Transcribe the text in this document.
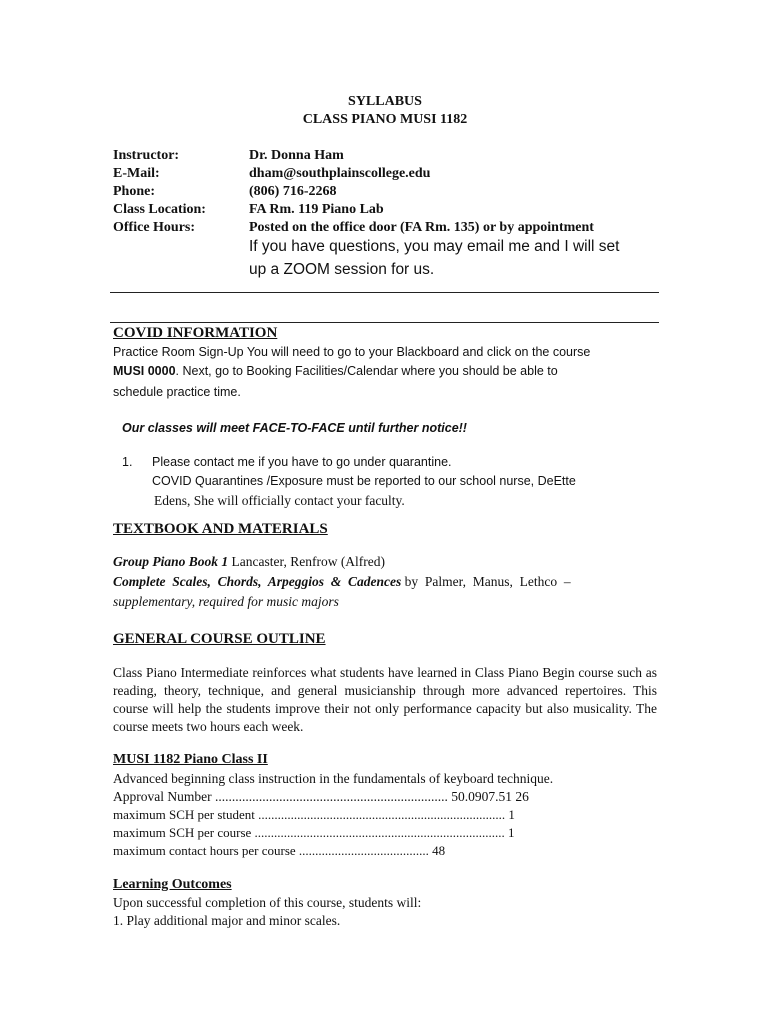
SYLLABUS
CLASS PIANO MUSI 1182
Instructor:	Dr. Donna Ham
E-Mail:	dham@southplainscollege.edu
Phone:	(806) 716-2268
Class Location:	FA Rm. 119 Piano Lab
Office Hours:	Posted on the office door (FA Rm. 135) or by appointment
If you have questions, you may email me and I will set
up a ZOOM session for us.
COVID INFORMATION
Practice Room Sign-Up You will need to go to your Blackboard and click on the course
MUSI 0000. Next, go to Booking Facilities/Calendar where you should be able to
schedule practice time.
Our classes will meet FACE-TO-FACE until further notice!!
1. Please contact me if you have to go under quarantine.
COVID Quarantines /Exposure must be reported to our school nurse, DeEtte
Edens, She will officially contact your faculty.
TEXTBOOK AND MATERIALS
Group Piano Book 1 Lancaster, Renfrow (Alfred)
Complete  Scales,  Chords,  Arpeggios  &  Cadences by  Palmer,  Manus,  Lethco  –
supplementary, required for music majors
GENERAL COURSE OUTLINE
Class Piano Intermediate reinforces what students have learned in Class Piano Begin course such as reading, theory, technique, and general musicianship through more advanced repertoires. This course will help the students improve their not only performance capacity but also musicality. The course meets two hours each week.
MUSI 1182 Piano Class II
Advanced beginning class instruction in the fundamentals of keyboard technique.
Approval Number ..................................................................... 50.0907.51 26
maximum SCH per student ............................................................................ 1
maximum SCH per course ............................................................................. 1
maximum contact hours per course ........................................ 48
Learning Outcomes
Upon successful completion of this course, students will:
1. Play additional major and minor scales.
